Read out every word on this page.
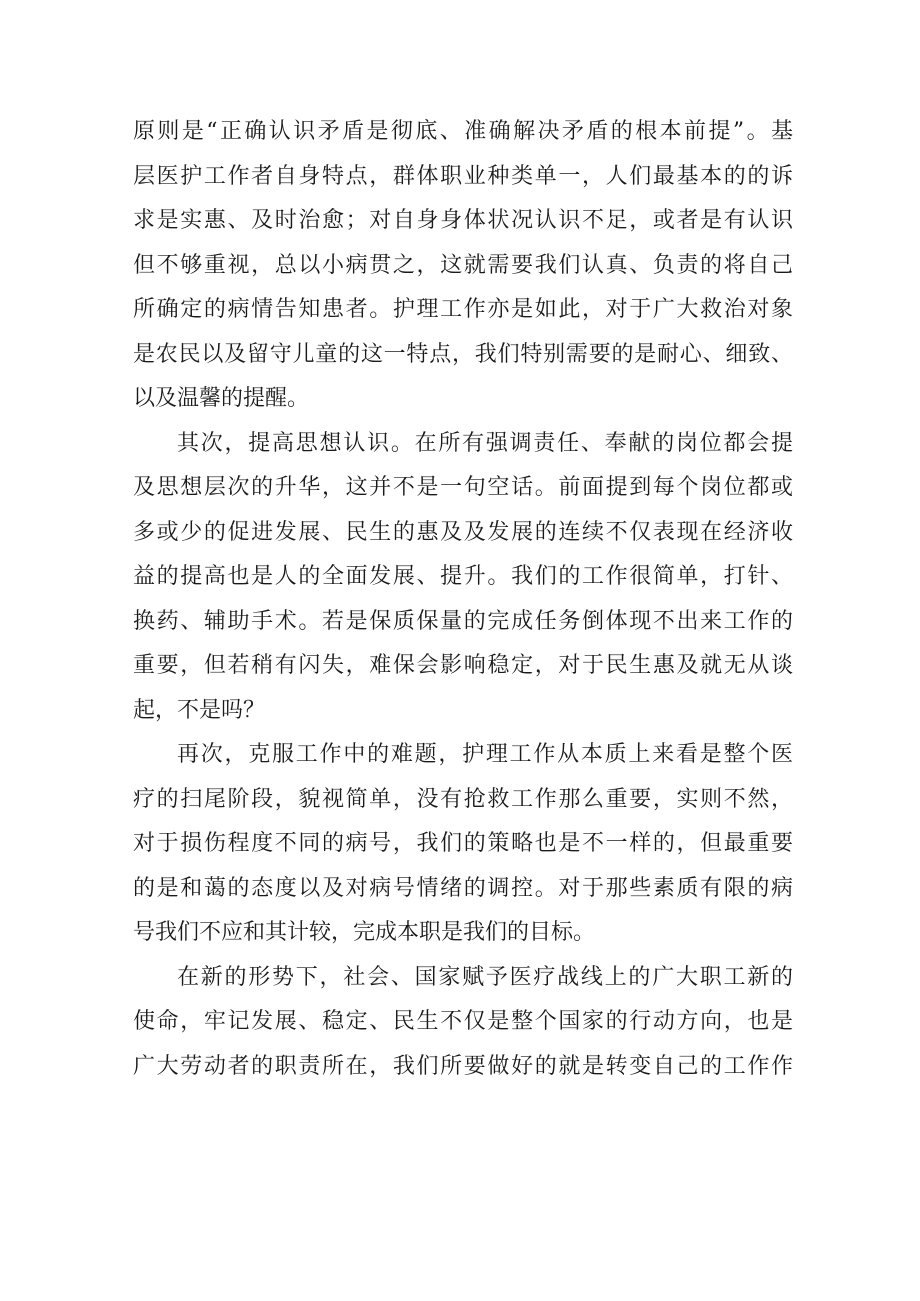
原则是“正确认识矛盾是彻底、准确解决矛盾的根本前提”。基
层医护工作者自身特点，群体职业种类单一，人们最基本的的诉
求是实惠、及时治愈；对自身身体状况认识不足，或者是有认识
但不够重视，总以小病贯之，这就需要我们认真、负责的将自己
所确定的病情告知患者。护理工作亦是如此，对于广大救治对象
是农民以及留守儿童的这一特点，我们特别需要的是耐心、细致、
以及温馨的提醒。
其次，提高思想认识。在所有强调责任、奉献的岗位都会提
及思想层次的升华，这并不是一句空话。前面提到每个岗位都或
多或少的促进发展、民生的惠及及发展的连续不仅表现在经济收
益的提高也是人的全面发展、提升。我们的工作很简单，打针、
换药、辅助手术。若是保质保量的完成任务倒体现不出来工作的
重要，但若稍有闪失，难保会影响稳定，对于民生惠及就无从谈
起，不是吗？
再次，克服工作中的难题，护理工作从本质上来看是整个医
疗的扫尾阶段，貌视简单，没有抢救工作那么重要，实则不然，
对于损伤程度不同的病号，我们的策略也是不一样的，但最重要
的是和蔼的态度以及对病号情绪的调控。对于那些素质有限的病
号我们不应和其计较，完成本职是我们的目标。
在新的形势下，社会、国家赋予医疗战线上的广大职工新的
使命，牢记发展、稳定、民生不仅是整个国家的行动方向，也是
广大劳动者的职责所在，我们所要做好的就是转变自己的工作作
